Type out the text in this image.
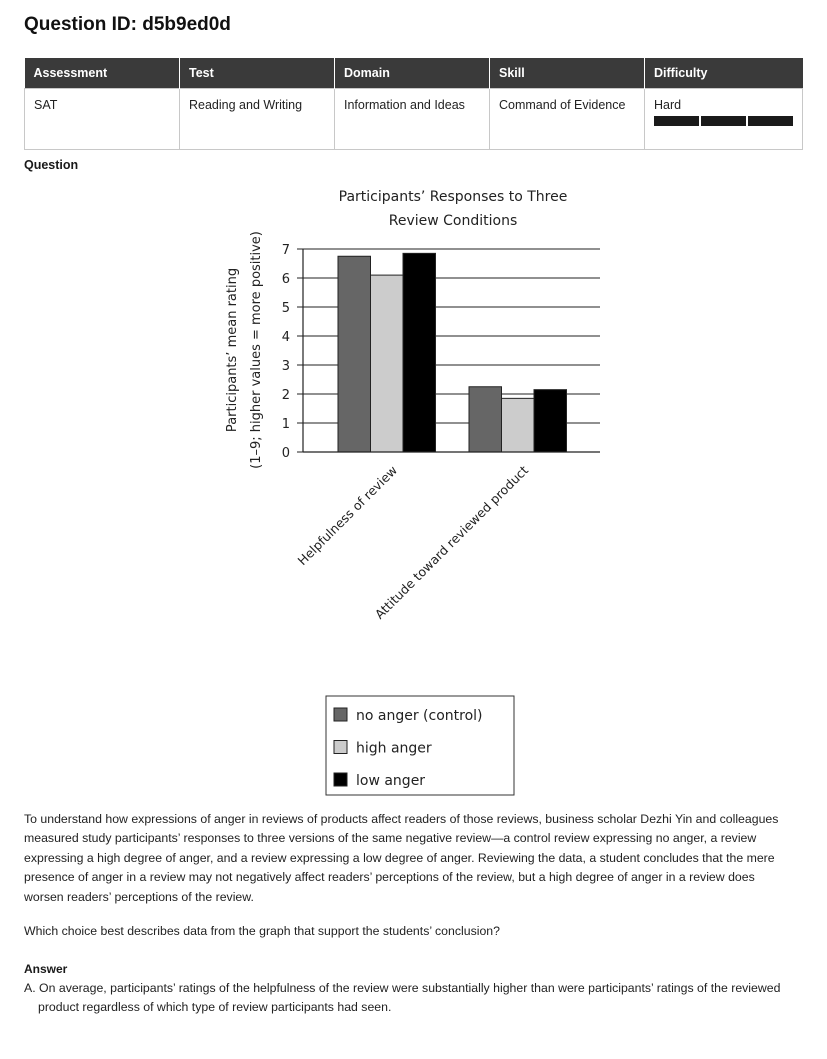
Question ID: d5b9ed0d
Assessment	Test	Domain	Skill	Difficulty
SAT	Reading and Writing	Information and Ideas	Command of Evidence	Hard
Question
Participants’ Responses to Three
Review Conditions
Participants’ mean rating (1–9; higher values = more positive) 0
1
2
3
4
5
6
7
Helpfulness of review
Attitude toward reviewed product
no anger (control)
high anger
low anger

To understand how expressions of anger in reviews of products affect readers of those reviews, business scholar Dezhi Yin and colleagues measured study participants’ responses to three versions of the same negative review—a control review expressing no anger, a review expressing a high degree of anger, and a review expressing a low degree of anger. Reviewing the data, a student concludes that the mere presence of anger in a review may not negatively affect readers’ perceptions of the review, but a high degree of anger in a review does worsen readers’ perceptions of the review.

Which choice best describes data from the graph that support the students’ conclusion?

Answer

A. On average, participants’ ratings of the helpfulness of the review were substantially higher than were participants’ ratings of the reviewed product regardless of which type of review participants had seen.
